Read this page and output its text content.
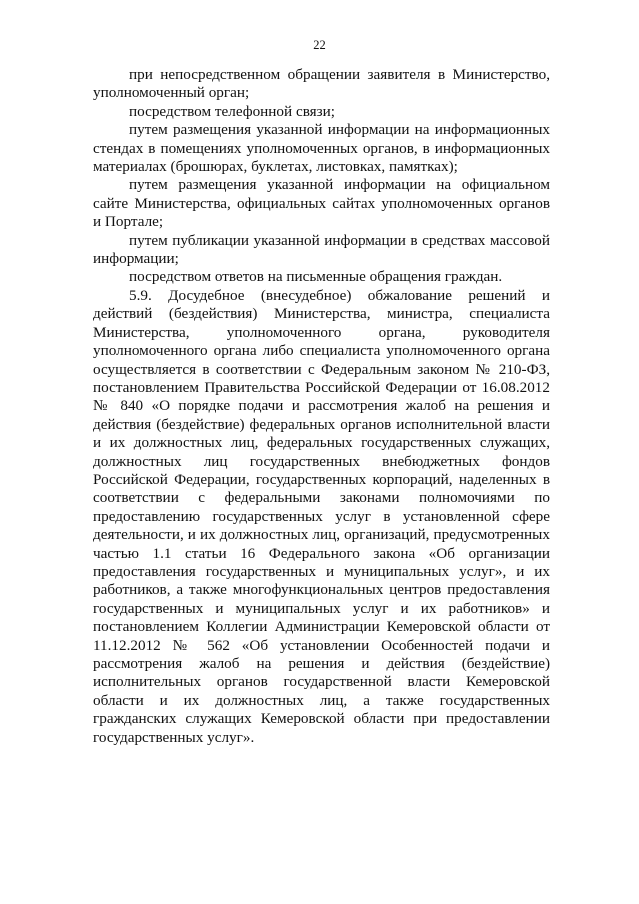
22

при непосредственном обращении заявителя в Министерство, уполномоченный орган;

посредством телефонной связи;

путем размещения указанной информации на информационных стендах в помещениях уполномоченных органов, в информационных материалах (брошюрах, буклетах, листовках, памятках);

путем размещения указанной информации на официальном сайте Министерства, официальных сайтах уполномоченных органов и Портале;

путем публикации указанной информации в средствах массовой информации;

посредством ответов на письменные обращения граждан.

5.9. Досудебное (внесудебное) обжалование решений и действий (бездействия) Министерства, министра, специалиста Министерства, уполномоченного органа, руководителя уполномоченного органа либо специалиста уполномоченного органа осуществляется в соответствии с Федеральным законом № 210-ФЗ, постановлением Правительства Российской Федерации от 16.08.2012 № 840 «О порядке подачи и рассмотрения жалоб на решения и действия (бездействие) федеральных органов исполнительной власти и их должностных лиц, федеральных государственных служащих, должностных лиц государственных внебюджетных фондов Российской Федерации, государственных корпораций, наделенных в соответствии с федеральными законами полномочиями по предоставлению государственных услуг в установленной сфере деятельности, и их должностных лиц, организаций, предусмотренных частью 1.1 статьи 16 Федерального закона «Об организации предоставления государственных и муниципальных услуг», и их работников, а также многофункциональных центров предоставления государственных и муниципальных услуг и их работников» и постановлением Коллегии Администрации Кемеровской области от 11.12.2012 № 562 «Об установлении Особенностей подачи и рассмотрения жалоб на решения и действия (бездействие) исполнительных органов государственной власти Кемеровской области и их должностных лиц, а также государственных гражданских служащих Кемеровской области при предоставлении государственных услуг».
